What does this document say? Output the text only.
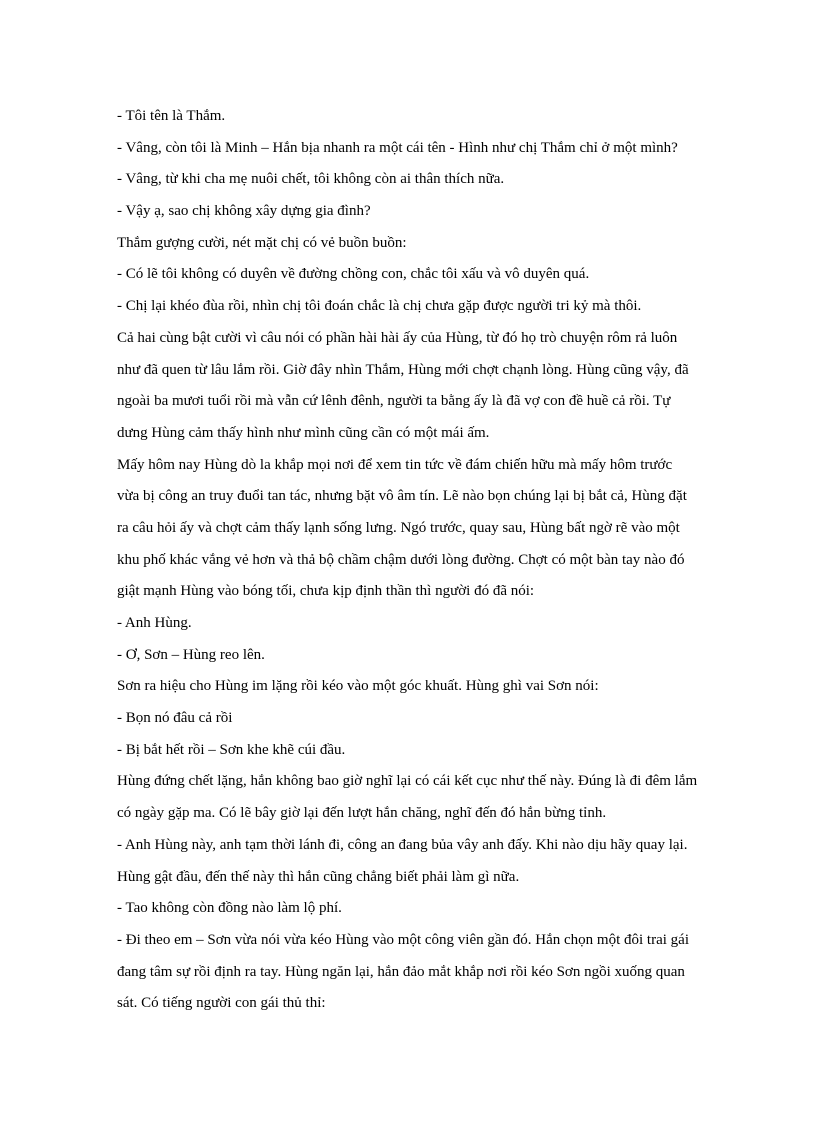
- Tôi tên là Thắm.
- Vâng, còn tôi là Minh – Hắn bịa nhanh ra một cái tên - Hình như chị Thắm chỉ ở một mình?
- Vâng, từ khi cha mẹ nuôi chết, tôi không còn ai thân thích nữa.
- Vậy ạ, sao chị không xây dựng gia đình?
Thắm gượng cười, nét mặt chị có vẻ buồn buồn:
- Có lẽ tôi không có duyên về đường chồng con, chắc tôi xấu và vô duyên quá.
- Chị lại khéo đùa rồi, nhìn chị tôi đoán chắc là chị chưa gặp được người tri kỷ mà thôi.
Cả hai cùng bật cười vì câu nói có phần hài hài ấy của Hùng, từ đó họ trò chuyện rôm rả luôn
như đã quen từ lâu lắm rồi. Giờ đây nhìn Thắm, Hùng mới chợt chạnh lòng. Hùng cũng vậy, đã
ngoài ba mươi tuổi rồi mà vẫn cứ lênh đênh, người ta bằng ấy là đã vợ con đề huề cả rồi. Tự
dưng Hùng cảm thấy hình như mình cũng cần có một mái ấm.
Mấy hôm nay Hùng dò la khắp mọi nơi để xem tin tức về đám chiến hữu mà mấy hôm trước
vừa bị công an truy đuổi tan tác, nhưng bặt vô âm tín. Lẽ nào bọn chúng lại bị bắt cả, Hùng đặt
ra câu hỏi ấy và chợt cảm thấy lạnh sống lưng. Ngó trước, quay sau, Hùng bất ngờ rẽ vào một
khu phố khác vắng vẻ hơn và thả bộ chầm chậm dưới lòng đường. Chợt có một bàn tay nào đó
giật mạnh Hùng vào bóng tối, chưa kịp định thần thì người đó đã nói:
- Anh Hùng.
- Ơ, Sơn – Hùng reo lên.
Sơn ra hiệu cho Hùng im lặng rồi kéo vào một góc khuất. Hùng ghì vai Sơn nói:
- Bọn nó đâu cả rồi
- Bị bắt hết rồi – Sơn khe khẽ cúi đầu.
Hùng đứng chết lặng, hắn không bao giờ nghĩ lại có cái kết cục như thế này. Đúng là đi đêm lắm
có ngày gặp ma. Có lẽ bây giờ lại đến lượt hắn chăng, nghĩ đến đó hắn bừng tỉnh.
- Anh Hùng này, anh tạm thời lánh đi, công an đang bủa vây anh đấy. Khi nào dịu hãy quay lại.
Hùng gật đầu, đến thế này thì hắn cũng chẳng biết phải làm gì nữa.
- Tao không còn đồng nào làm lộ phí.
- Đi theo em – Sơn vừa nói vừa kéo Hùng vào một công viên gần đó. Hắn chọn một đôi trai gái
đang tâm sự rồi định ra tay. Hùng ngăn lại, hắn đảo mắt khắp nơi rồi kéo Sơn ngồi xuống quan
sát. Có tiếng người con gái thủ thỉ:
